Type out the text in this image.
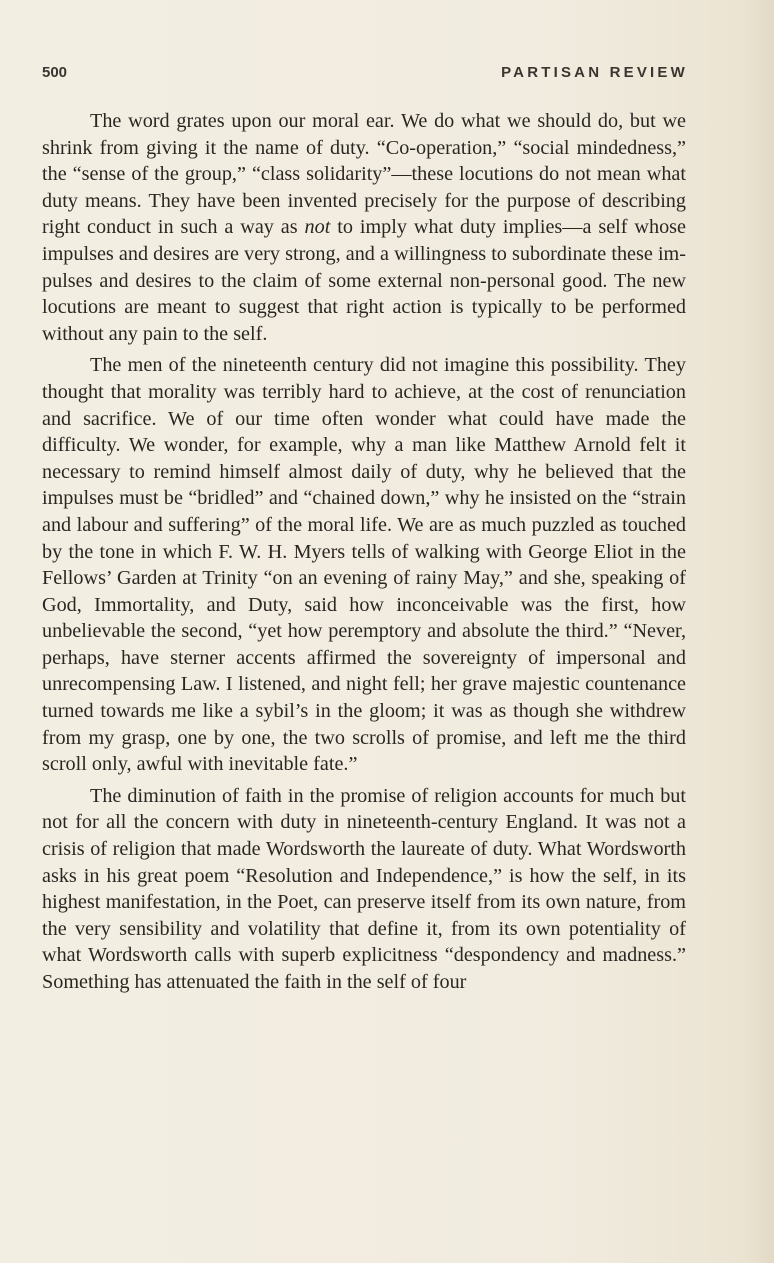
500	PARTISAN REVIEW

The word grates upon our moral ear. We do what we should do, but we shrink from giving it the name of duty. “Co-operation,” “social mindedness,” the “sense of the group,” “class solidarity”—these locutions do not mean what duty means. They have been invented precisely for the purpose of describing right conduct in such a way as not to imply what duty implies—a self whose impulses and desires are very strong, and a willingness to subordinate these impulses and desires to the claim of some external non-personal good. The new locutions are meant to suggest that right action is typically to be performed without any pain to the self.

The men of the nineteenth century did not imagine this possibility. They thought that morality was terribly hard to achieve, at the cost of renunciation and sacrifice. We of our time often wonder what could have made the difficulty. We wonder, for example, why a man like Matthew Arnold felt it necessary to remind himself almost daily of duty, why he believed that the impulses must be “bridled” and “chained down,” why he insisted on the “strain and labour and suffering” of the moral life. We are as much puzzled as touched by the tone in which F. W. H. Myers tells of walking with George Eliot in the Fellows’ Garden at Trinity “on an evening of rainy May,” and she, speaking of God, Immortality, and Duty, said how inconceivable was the first, how unbelievable the second, “yet how peremptory and absolute the third.” “Never, perhaps, have sterner accents affirmed the sovereignty of impersonal and unrecompensing Law. I listened, and night fell; her grave majestic countenance turned towards me like a sybil’s in the gloom; it was as though she withdrew from my grasp, one by one, the two scrolls of promise, and left me the third scroll only, awful with inevitable fate.”

The diminution of faith in the promise of religion accounts for much but not for all the concern with duty in nineteenth-century England. It was not a crisis of religion that made Wordsworth the laureate of duty. What Wordsworth asks in his great poem “Resolution and Independence,” is how the self, in its highest manifestation, in the Poet, can preserve itself from its own nature, from the very sensibility and volatility that define it, from its own potentiality of what Wordsworth calls with superb explicitness “despondency and madness.” Something has attenuated the faith in the self of four
